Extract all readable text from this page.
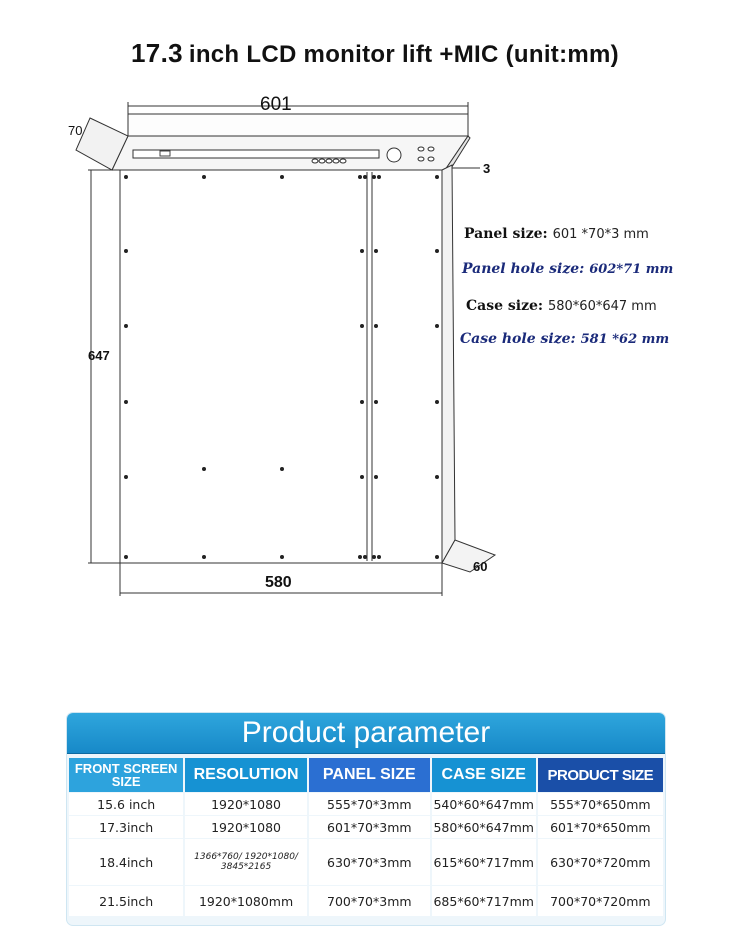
17.3 inch LCD monitor lift +MIC (unit:mm)
601
70
3
647
580
60
Panel size: 601 *70*3 mm
Panel hole size: 602*71 mm
Case size: 580*60*647 mm
Case hole size: 581 *62 mm
Product parameter
FRONT SCREEN SIZE	RESOLUTION	PANEL SIZE	CASE SIZE	PRODUCT SIZE
15.6 inch	1920*1080	555*70*3mm	540*60*647mm	555*70*650mm
17.3inch	1920*1080	601*70*3mm	580*60*647mm	601*70*650mm
18.4inch	1366*760/ 1920*1080/ 3845*2165	630*70*3mm	615*60*717mm	630*70*720mm
21.5inch	1920*1080mm	700*70*3mm	685*60*717mm	700*70*720mm
